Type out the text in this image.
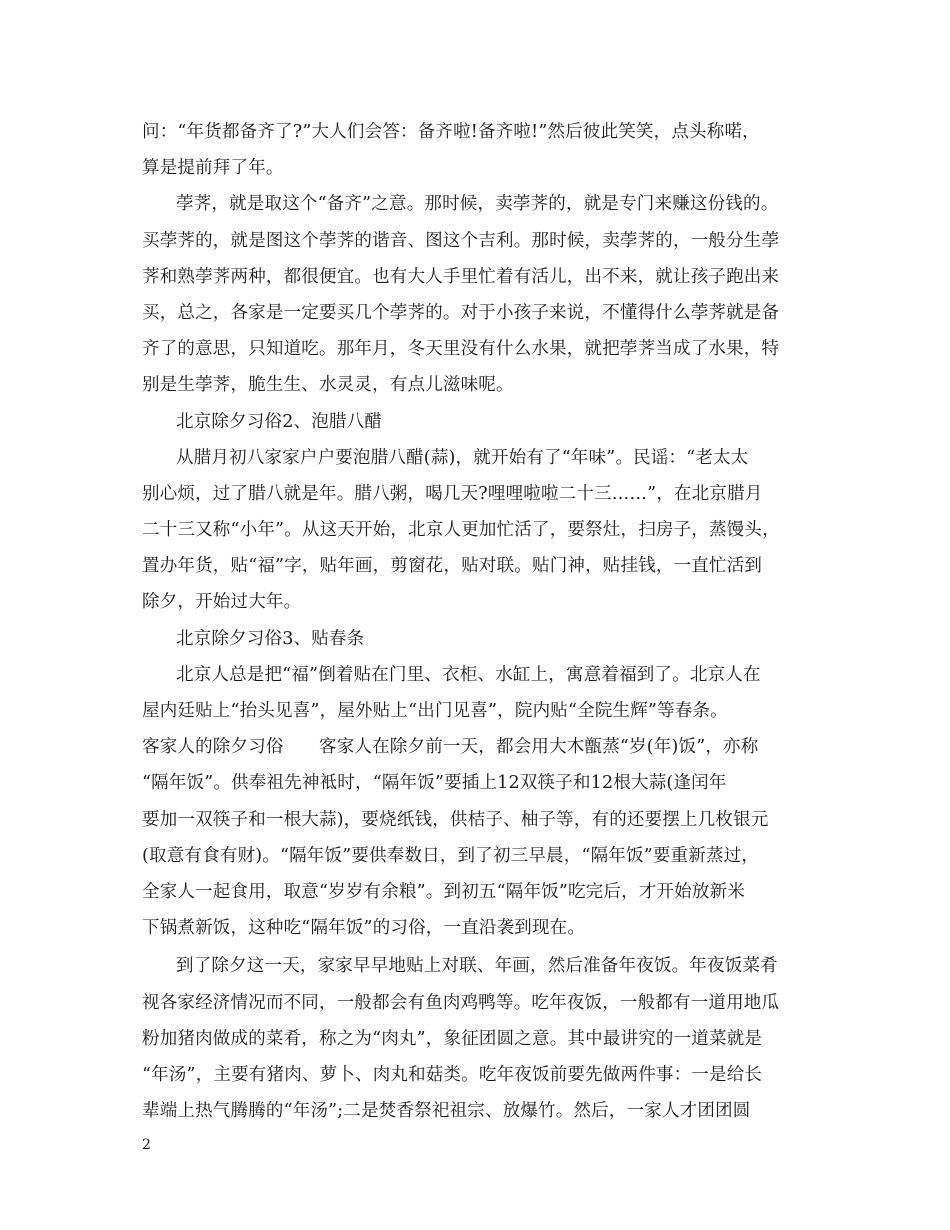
问：“年货都备齐了?”大人们会答：备齐啦!备齐啦!”然后彼此笑笑，点头称喏，
算是提前拜了年。
荸荠，就是取这个“备齐”之意。那时候，卖荸荠的，就是专门来赚这份钱的。
买荸荠的，就是图这个荸荠的谐音、图这个吉利。那时候，卖荸荠的，一般分生荸
荠和熟荸荠两种，都很便宜。也有大人手里忙着有活儿，出不来，就让孩子跑出来
买，总之，各家是一定要买几个荸荠的。对于小孩子来说，不懂得什么荸荠就是备
齐了的意思，只知道吃。那年月，冬天里没有什么水果，就把荸荠当成了水果，特
别是生荸荠，脆生生、水灵灵，有点儿滋味呢。
北京除夕习俗2、泡腊八醋
从腊月初八家家户户要泡腊八醋(蒜)，就开始有了“年味”。民谣：“老太太
别心烦，过了腊八就是年。腊八粥，喝几天?哩哩啦啦二十三……”，在北京腊月
二十三又称“小年”。从这天开始，北京人更加忙活了，要祭灶，扫房子，蒸馒头，
置办年货，贴“福”字，贴年画，剪窗花，贴对联。贴门神，贴挂钱，一直忙活到
除夕，开始过大年。
北京除夕习俗3、贴春条
北京人总是把“福”倒着贴在门里、衣柜、水缸上，寓意着福到了。北京人在
屋内廷贴上“抬头见喜”，屋外贴上“出门见喜”，院内贴“全院生辉”等春条。
客家人的除夕习俗　　客家人在除夕前一天，都会用大木甑蒸“岁(年)饭”，亦称
“隔年饭”。供奉祖先神袛时，“隔年饭”要插上12双筷子和12根大蒜(逢闰年
要加一双筷子和一根大蒜)，要烧纸钱，供桔子、柚子等，有的还要摆上几枚银元
(取意有食有财)。“隔年饭”要供奉数日，到了初三早晨，“隔年饭”要重新蒸过，
全家人一起食用，取意“岁岁有余粮”。到初五“隔年饭”吃完后，才开始放新米
下锅煮新饭，这种吃“隔年饭”的习俗，一直沿袭到现在。
到了除夕这一天，家家早早地贴上对联、年画，然后准备年夜饭。年夜饭菜肴
视各家经济情况而不同，一般都会有鱼肉鸡鸭等。吃年夜饭，一般都有一道用地瓜
粉加猪肉做成的菜肴，称之为“肉丸”，象征团圆之意。其中最讲究的一道菜就是
“年汤”，主要有猪肉、萝卜、肉丸和菇类。吃年夜饭前要先做两件事：一是给长
辈端上热气腾腾的“年汤”;二是焚香祭祀祖宗、放爆竹。然后，一家人才团团圆
2
